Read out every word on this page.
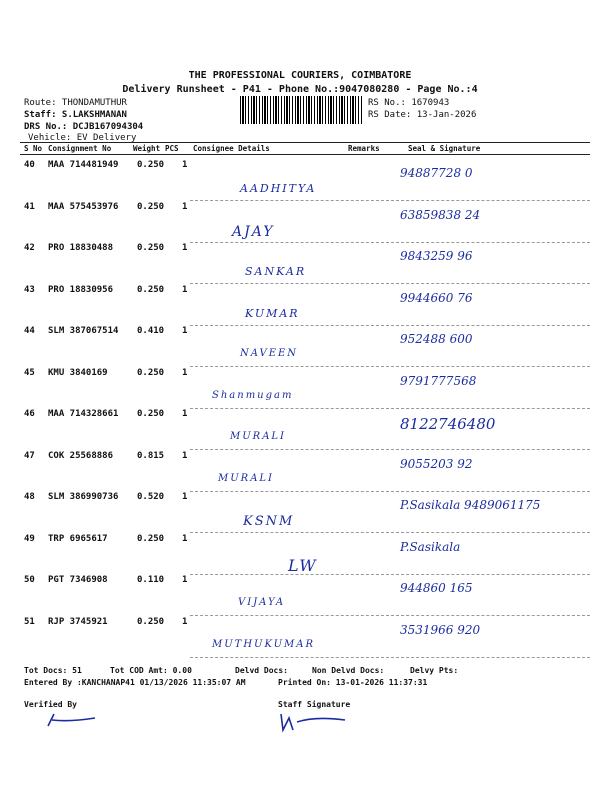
THE PROFESSIONAL COURIERS, COIMBATORE
Delivery Runsheet - P41 - Phone No.:9047080280 - Page No.:4
Route: THONDAMUTHUR
Staff: S.LAKSHMANAN
DRS No.: DCJB167094304
Vehicle: EV Delivery
RS No.: 1670943
RS Date: 13-Jan-2026
S No Consignment No	Weight PCS Consignee Details	Remarks	Seal & Signature
40 MAA 714481949 0.250 1
AADHITYA
94887728 0
41 MAA 575453976 0.250 1
AJAY
63859838 24
42 PRO 18830488	0.250 1
SANKAR
9843259 96
43 PRO 18830956	0.250 1
KUMAR
9944660 76
44 SLM 387067514 0.410 1
NAVEEN
952488 600
45 KMU 3840169	0.250 1
Shanmugam
9791777568
46 MAA 714328661 0.250 1
MURALI
8122746480
47 COK 25568886	0.815 1
MURALI
9055203 92
48 SLM 386990736 0.520 1
KSNM
P.Sasikala 9489061175
49 TRP 6965617	0.250 1
LW
P.Sasikala
50 PGT 7346908	0.110 1
VIJAYA
944860 165
51 RJP 3745921	0.250 1
MUTHUKUMAR
3531966 920
Tot Docs: 51	Tot COD Amt: 0.00	Delvd Docs:	Non Delvd Docs:	Delvy Pts:
Entered By :KANCHANAP41 01/13/2026 11:35:07 AM	Printed On: 13-01-2026 11:37:31
Verified By	Staff Signature
